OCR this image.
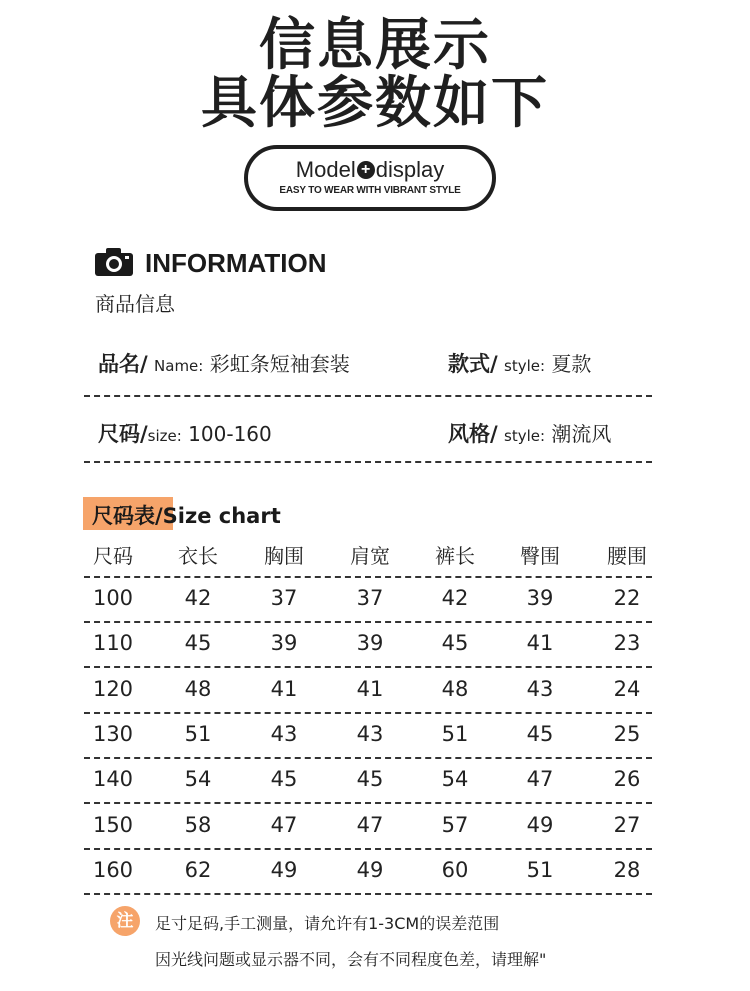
信息展示
具体参数如下
Model + display
EASY TO WEAR WITH VIBRANT STYLE
INFORMATION
商品信息
品名/ Name: 彩虹条短袖套装	款式/ style: 夏款
尺码/size: 100-160	风格/ style: 潮流风
尺码表/Size chart
尺码	衣长	胸围	肩宽	裤长	臀围	腰围
100	42	37	37	42	39	22
110	45	39	39	45	41	23
120	48	41	41	48	43	24
130	51	43	43	51	45	25
140	54	45	45	54	47	26
150	58	47	47	57	49	27
160	62	49	49	60	51	28
注	足寸足码,手工测量，请允许有1-3CM的误差范围
因光线问题或显示器不同，会有不同程度色差，请理解"
